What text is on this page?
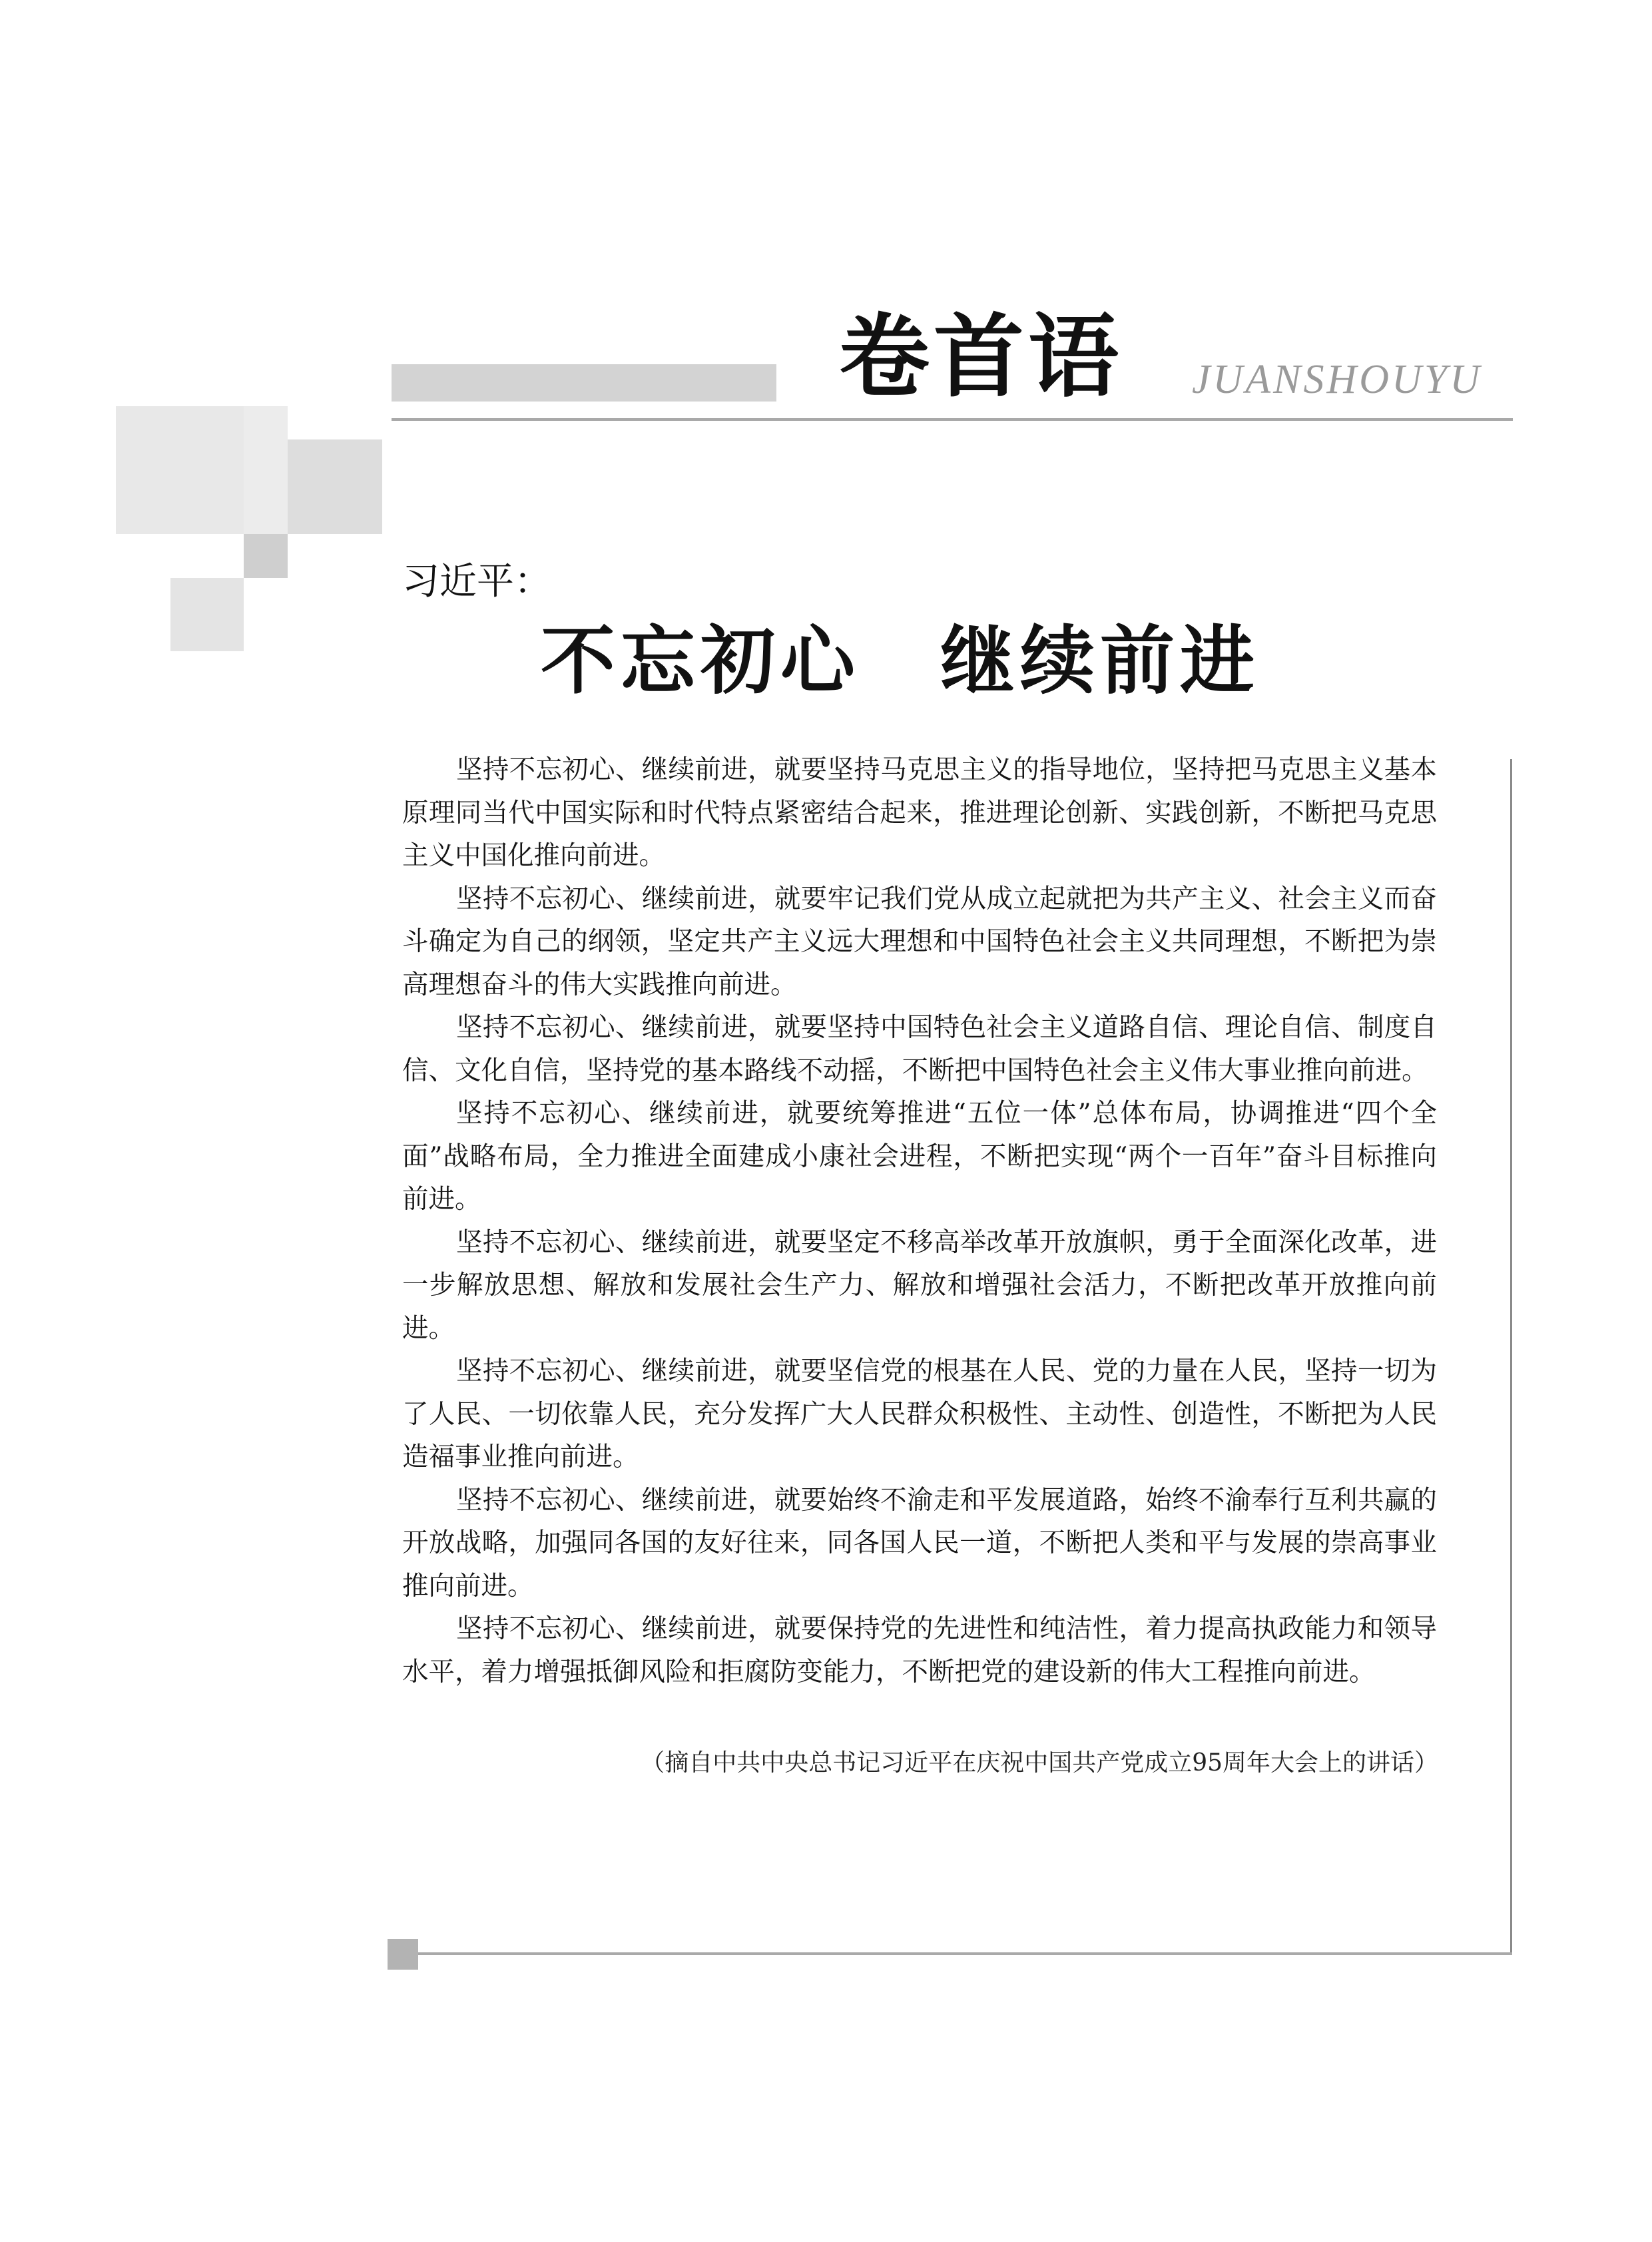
卷首语 JUANSHOUYU
习近平：
不忘初心　继续前进

坚持不忘初心、继续前进，就要坚持马克思主义的指导地位，坚持把马克思主义基本原理同当代中国实际和时代特点紧密结合起来，推进理论创新、实践创新，不断把马克思主义中国化推向前进。

坚持不忘初心、继续前进，就要牢记我们党从成立起就把为共产主义、社会主义而奋斗确定为自己的纲领，坚定共产主义远大理想和中国特色社会主义共同理想，不断把为崇高理想奋斗的伟大实践推向前进。

坚持不忘初心、继续前进，就要坚持中国特色社会主义道路自信、理论自信、制度自信、文化自信，坚持党的基本路线不动摇，不断把中国特色社会主义伟大事业推向前进。

坚持不忘初心、继续前进，就要统筹推进“五位一体”总体布局，协调推进“四个全面”战略布局，全力推进全面建成小康社会进程，不断把实现“两个一百年”奋斗目标推向前进。

坚持不忘初心、继续前进，就要坚定不移高举改革开放旗帜，勇于全面深化改革，进一步解放思想、解放和发展社会生产力、解放和增强社会活力，不断把改革开放推向前进。

坚持不忘初心、继续前进，就要坚信党的根基在人民、党的力量在人民，坚持一切为了人民、一切依靠人民，充分发挥广大人民群众积极性、主动性、创造性，不断把为人民造福事业推向前进。

坚持不忘初心、继续前进，就要始终不渝走和平发展道路，始终不渝奉行互利共赢的开放战略，加强同各国的友好往来，同各国人民一道，不断把人类和平与发展的崇高事业推向前进。

坚持不忘初心、继续前进，就要保持党的先进性和纯洁性，着力提高执政能力和领导水平，着力增强抵御风险和拒腐防变能力，不断把党的建设新的伟大工程推向前进。

（摘自中共中央总书记习近平在庆祝中国共产党成立95周年大会上的讲话）
